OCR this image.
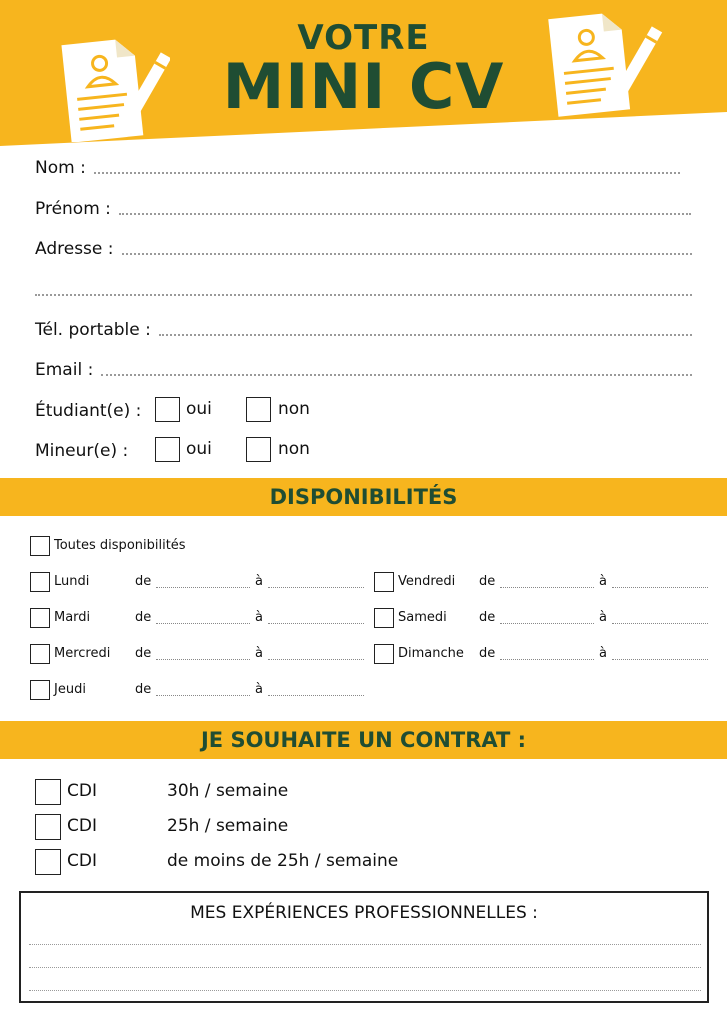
VOTRE
MINI CV
Nom :
Prénom :
Adresse :
Tél. portable :
Email :
Étudiant(e) :	oui	non
Mineur(e) :	oui	non
DISPONIBILITÉS
Toutes disponibilités
Lundi	de	à
Mardi	de	à
Mercredi de	à
Jeudi	de	à
Vendredi de	à
Samedi de	à
Dimanche de	à
JE SOUHAITE UN CONTRAT :
CDI	30h / semaine
CDI	25h / semaine
CDI	de moins de 25h / semaine
MES EXPÉRIENCES PROFESSIONNELLES :
